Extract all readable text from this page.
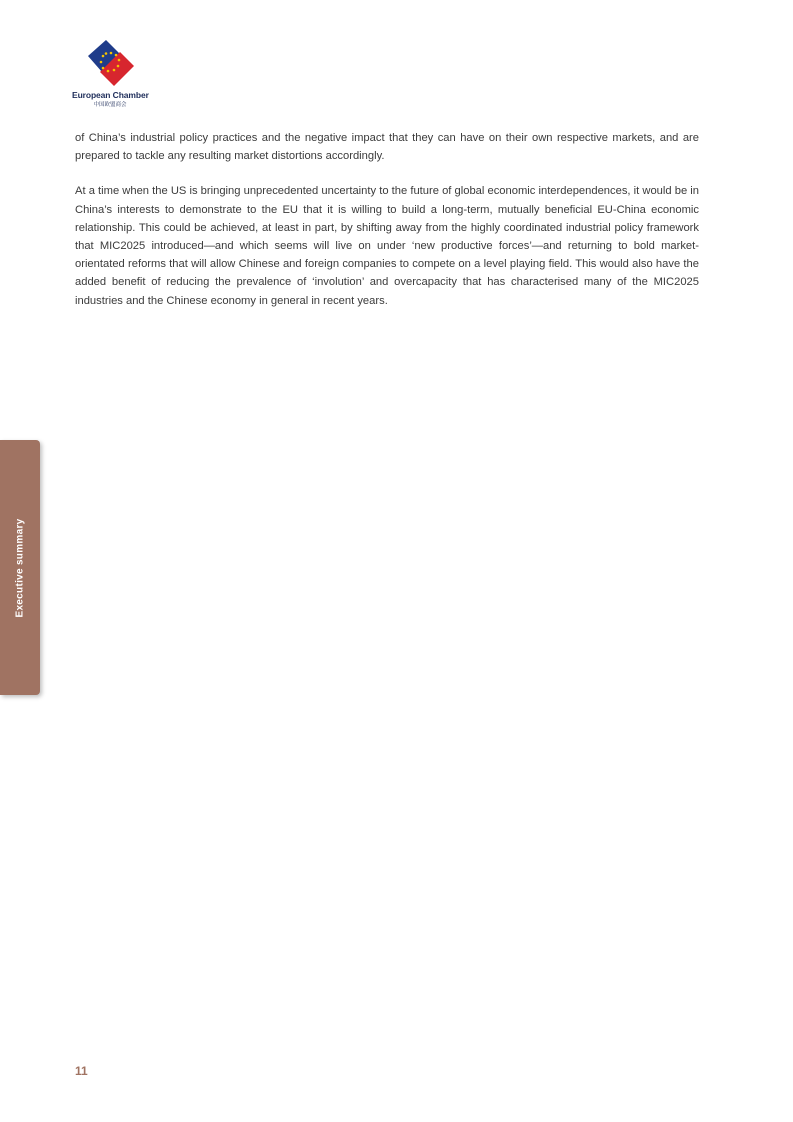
European Chamber
中国欧盟商会

of China’s industrial policy practices and the negative impact that they can have on their own respective markets, and are prepared to tackle any resulting market distortions accordingly.

At a time when the US is bringing unprecedented uncertainty to the future of global economic interdependences, it would be in China’s interests to demonstrate to the EU that it is willing to build a long-term, mutually beneficial EU-China economic relationship. This could be achieved, at least in part, by shifting away from the highly coordinated industrial policy framework that MIC2025 introduced—and which seems will live on under ‘new productive forces’—and returning to bold market-orientated reforms that will allow Chinese and foreign companies to compete on a level playing field. This would also have the added benefit of reducing the prevalence of ‘involution’ and overcapacity that has characterised many of the MIC2025 industries and the Chinese economy in general in recent years.

Executive summary
11
